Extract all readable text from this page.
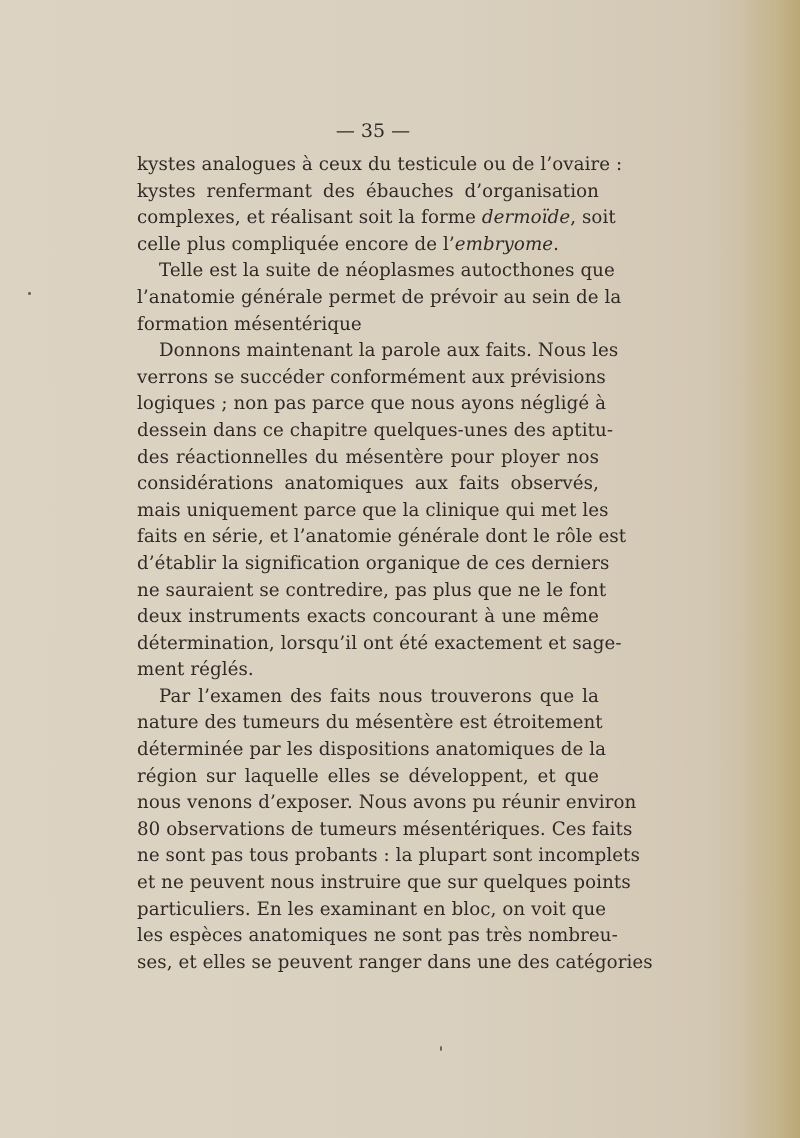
— 35 —
kystes analogues à ceux du testicule ou de l’ovaire :
kystes renfermant des ébauches d’organisation
complexes, et réalisant soit la forme dermoïde, soit
celle plus compliquée encore de l’embryome.
Telle est la suite de néoplasmes autocthones que
l’anatomie générale permet de prévoir au sein de la
formation mésentérique
Donnons maintenant la parole aux faits. Nous les
verrons se succéder conformément aux prévisions
logiques ; non pas parce que nous ayons négligé à
dessein dans ce chapitre quelques-unes des aptitu-
des réactionnelles du mésentère pour ployer nos
considérations anatomiques aux faits observés,
mais uniquement parce que la clinique qui met les
faits en série, et l’anatomie générale dont le rôle est
d’établir la signification organique de ces derniers
ne sauraient se contredire, pas plus que ne le font
deux instruments exacts concourant à une même
détermination, lorsqu’il ont été exactement et sage-
ment réglés.
Par l’examen des faits nous trouverons que la
nature des tumeurs du mésentère est étroitement
déterminée par les dispositions anatomiques de la
région sur laquelle elles se développent, et que
nous venons d’exposer. Nous avons pu réunir environ
80 observations de tumeurs mésentériques. Ces faits
ne sont pas tous probants : la plupart sont incomplets
et ne peuvent nous instruire que sur quelques points
particuliers. En les examinant en bloc, on voit que
les espèces anatomiques ne sont pas très nombreu-
ses, et elles se peuvent ranger dans une des catégories
